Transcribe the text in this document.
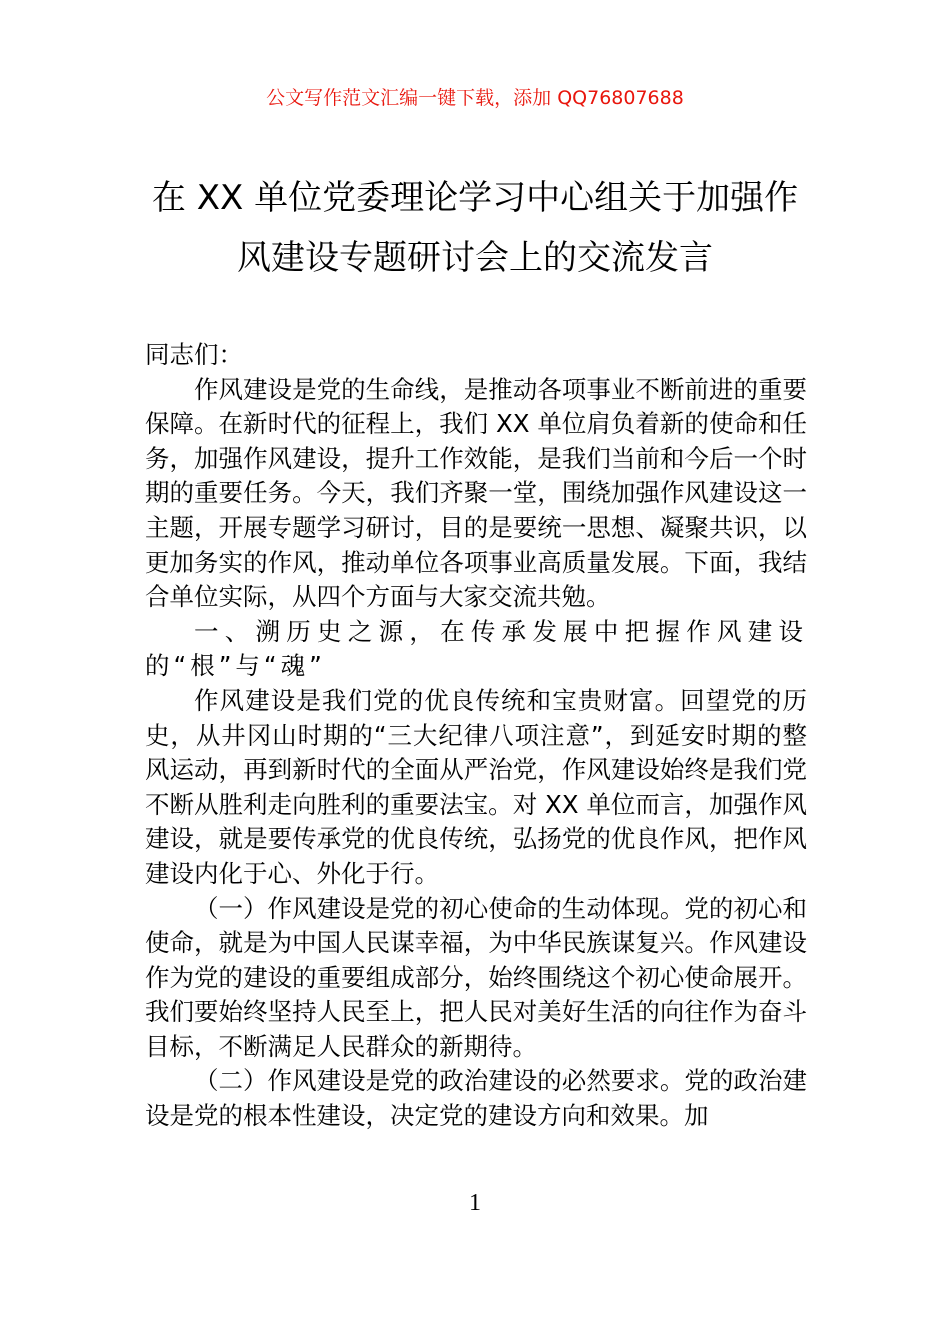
公文写作范文汇编一键下载，添加 QQ76807688
在 XX 单位党委理论学习中心组关于加强作
风建设专题研讨会上的交流发言

同志们：

作风建设是党的生命线，是推动各项事业不断前进的重要保障。在新时代的征程上，我们 XX 单位肩负着新的使命和任务，加强作风建设，提升工作效能，是我们当前和今后一个时期的重要任务。今天，我们齐聚一堂，围绕加强作风建设这一主题，开展专题学习研讨，目的是要统一思想、凝聚共识，以更加务实的作风，推动单位各项事业高质量发展。下面，我结合单位实际，从四个方面与大家交流共勉。

一、溯历史之源，在传承发展中把握作风建设的“根”与“魂”

作风建设是我们党的优良传统和宝贵财富。回望党的历史，从井冈山时期的“三大纪律八项注意”，到延安时期的整风运动，再到新时代的全面从严治党，作风建设始终是我们党不断从胜利走向胜利的重要法宝。对 XX 单位而言，加强作风建设，就是要传承党的优良传统，弘扬党的优良作风，把作风建设内化于心、外化于行。

（一）作风建设是党的初心使命的生动体现。党的初心和使命，就是为中国人民谋幸福，为中华民族谋复兴。作风建设作为党的建设的重要组成部分，始终围绕这个初心使命展开。我们要始终坚持人民至上，把人民对美好生活的向往作为奋斗目标，不断满足人民群众的新期待。

（二）作风建设是党的政治建设的必然要求。党的政治建设是党的根本性建设，决定党的建设方向和效果。加

1
